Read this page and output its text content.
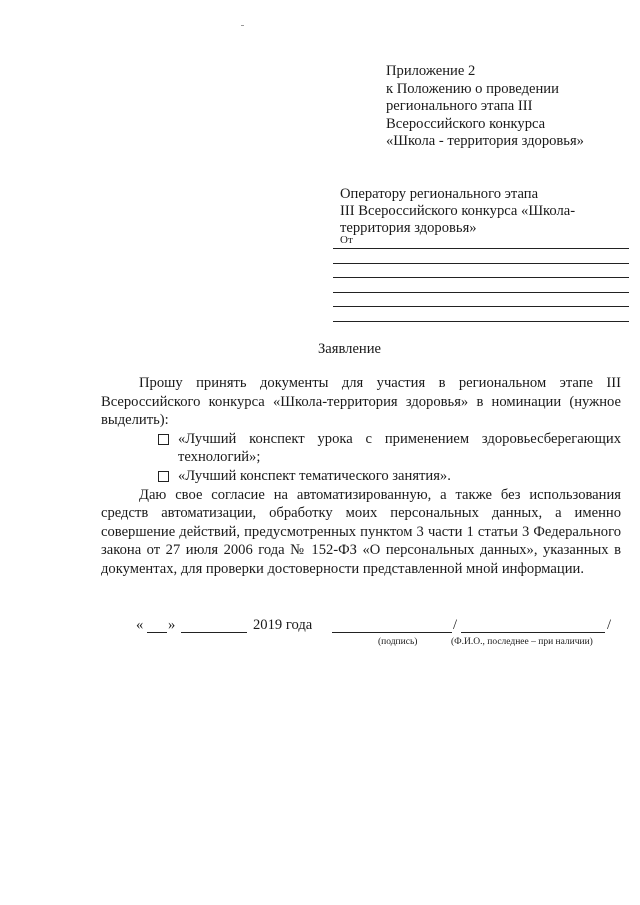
Приложение 2
к Положению о проведении
регионального этапа III
Всероссийского конкурса
«Школа - территория здоровья»
Оператору регионального этапа
III Всероссийского конкурса «Школа-
территория здоровья»
От
Заявление

Прошу принять документы для участия в региональном этапе III Всероссийского конкурса «Школа-территория здоровья» в номинации (нужное выделить):

«Лучший конспект урока с применением здоровьесберегающих технологий»;
«Лучший конспект тематического занятия».

Даю свое согласие на автоматизированную, а также без использования средств автоматизации, обработку моих персональных данных, а именно совершение действий, предусмотренных пунктом 3 части 1 статьи 3 Федерального закона от 27 июля 2006 года № 152-ФЗ «О персональных данных», указанных в документах, для проверки достоверности представленной мной информации.

« »	2019 года	/	/
(подпись)	(Ф.И.О., последнее – при наличии)
